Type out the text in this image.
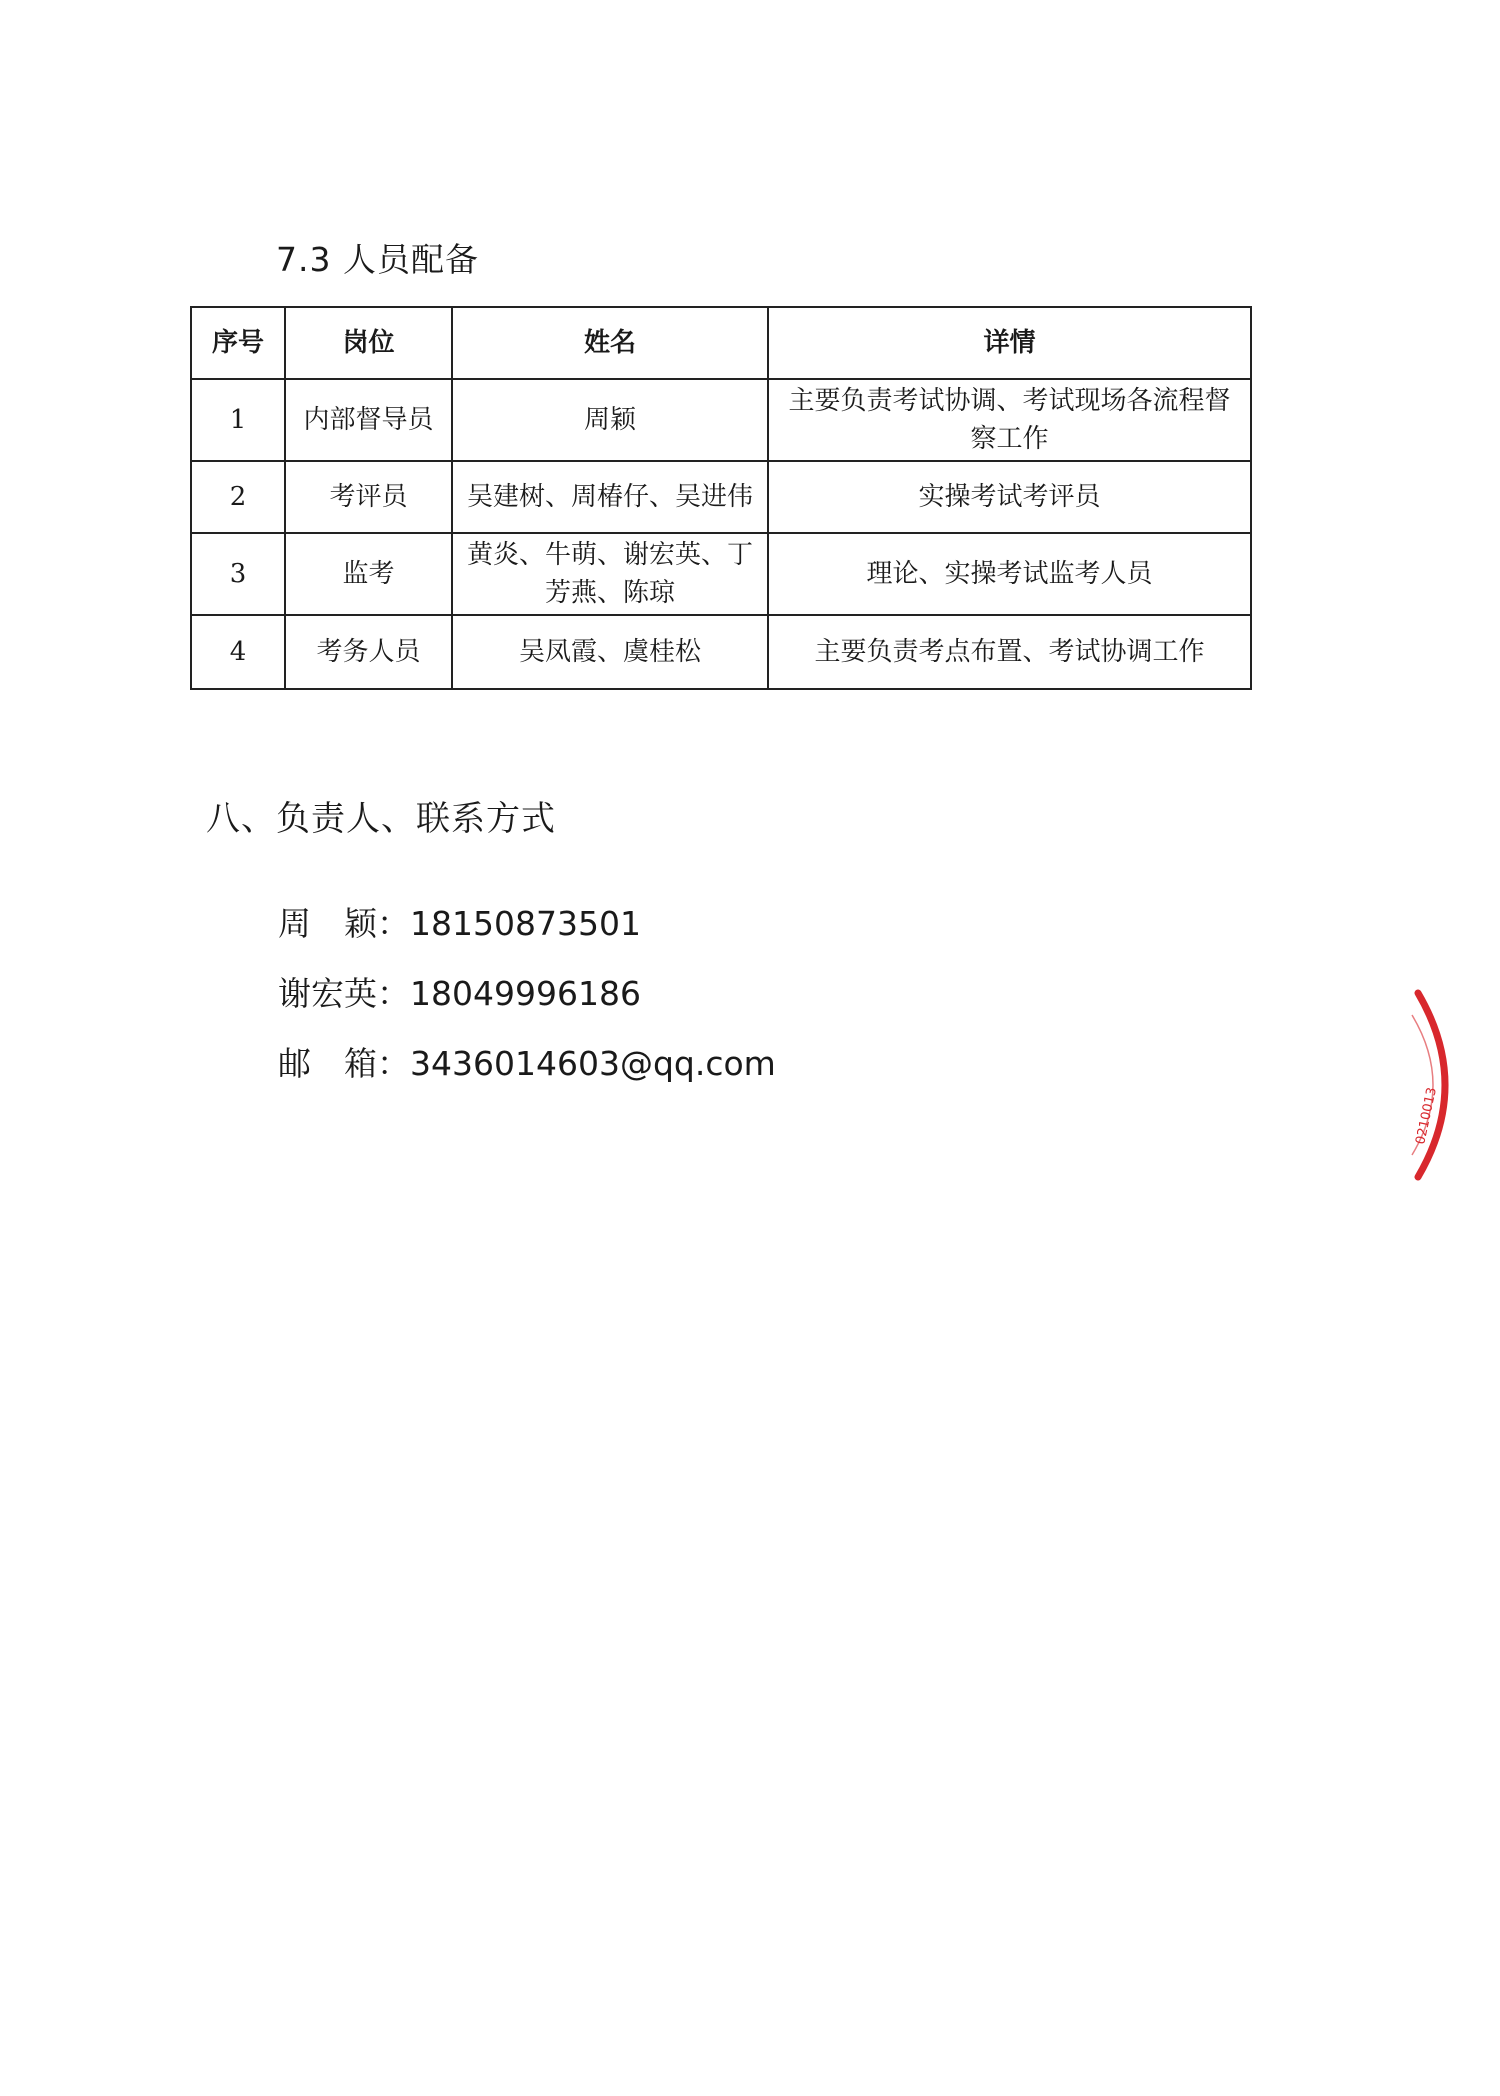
7.3 人员配备
序号	岗位	姓名	详情
1	内部督导员	周颖	主要负责考试协调、考试现场各流程督察工作
2	考评员	吴建树、周椿仔、吴进伟	实操考试考评员
3	监考	黄炎、牛萌、谢宏英、丁芳燕、陈琼	理论、实操考试监考人员
4	考务人员	吴凤霞、虞桂松	主要负责考点布置、考试协调工作
八、负责人、联系方式
周　颖：18150873501
谢宏英：18049996186
邮　箱：3436014603@qq.com
0210013
